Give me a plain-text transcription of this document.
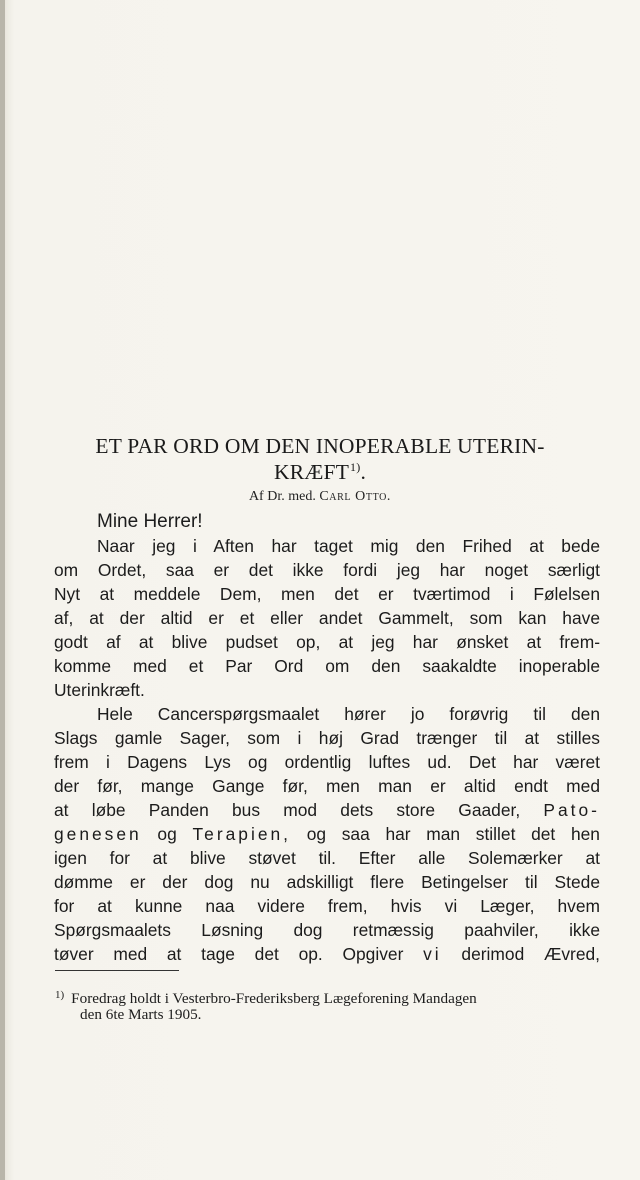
ET PAR ORD OM DEN INOPERABLE UTERIN-
KRÆFT$^{1)}$.
Af Dr. med. Carl Otto.
Mine Herrer!
Naar jeg i Aften har taget mig den Frihed at bede
om Ordet, saa er det ikke fordi jeg har noget særligt
Nyt at meddele Dem, men det er tværtimod i Følelsen
af, at der altid er et eller andet Gammelt, som kan have
godt af at blive pudset op, at jeg har ønsket at frem-
komme med et Par Ord om den saakaldte inoperable
Uterinkræft.
Hele Cancerspørgsmaalet hører jo forøvrig til den
Slags gamle Sager, som i høj Grad trænger til at stilles
frem i Dagens Lys og ordentlig luftes ud. Det har været
der før, mange Gange før, men man er altid endt med
at løbe Panden bus mod dets store Gaader, Pato-
genesen og Terapien, og saa har man stillet det hen
igen for at blive støvet til. Efter alle Solemærker at
dømme er der dog nu adskilligt flere Betingelser til Stede
for at kunne naa videre frem, hvis vi Læger, hvem
Spørgsmaalets Løsning dog retmæssig paahviler, ikke
tøver med at tage det op. Opgiver vi derimod Ævred,
$^{1)}$ Foredrag holdt i Vesterbro-Frederiksberg Lægeforening Mandagen
den 6te Marts 1905.
